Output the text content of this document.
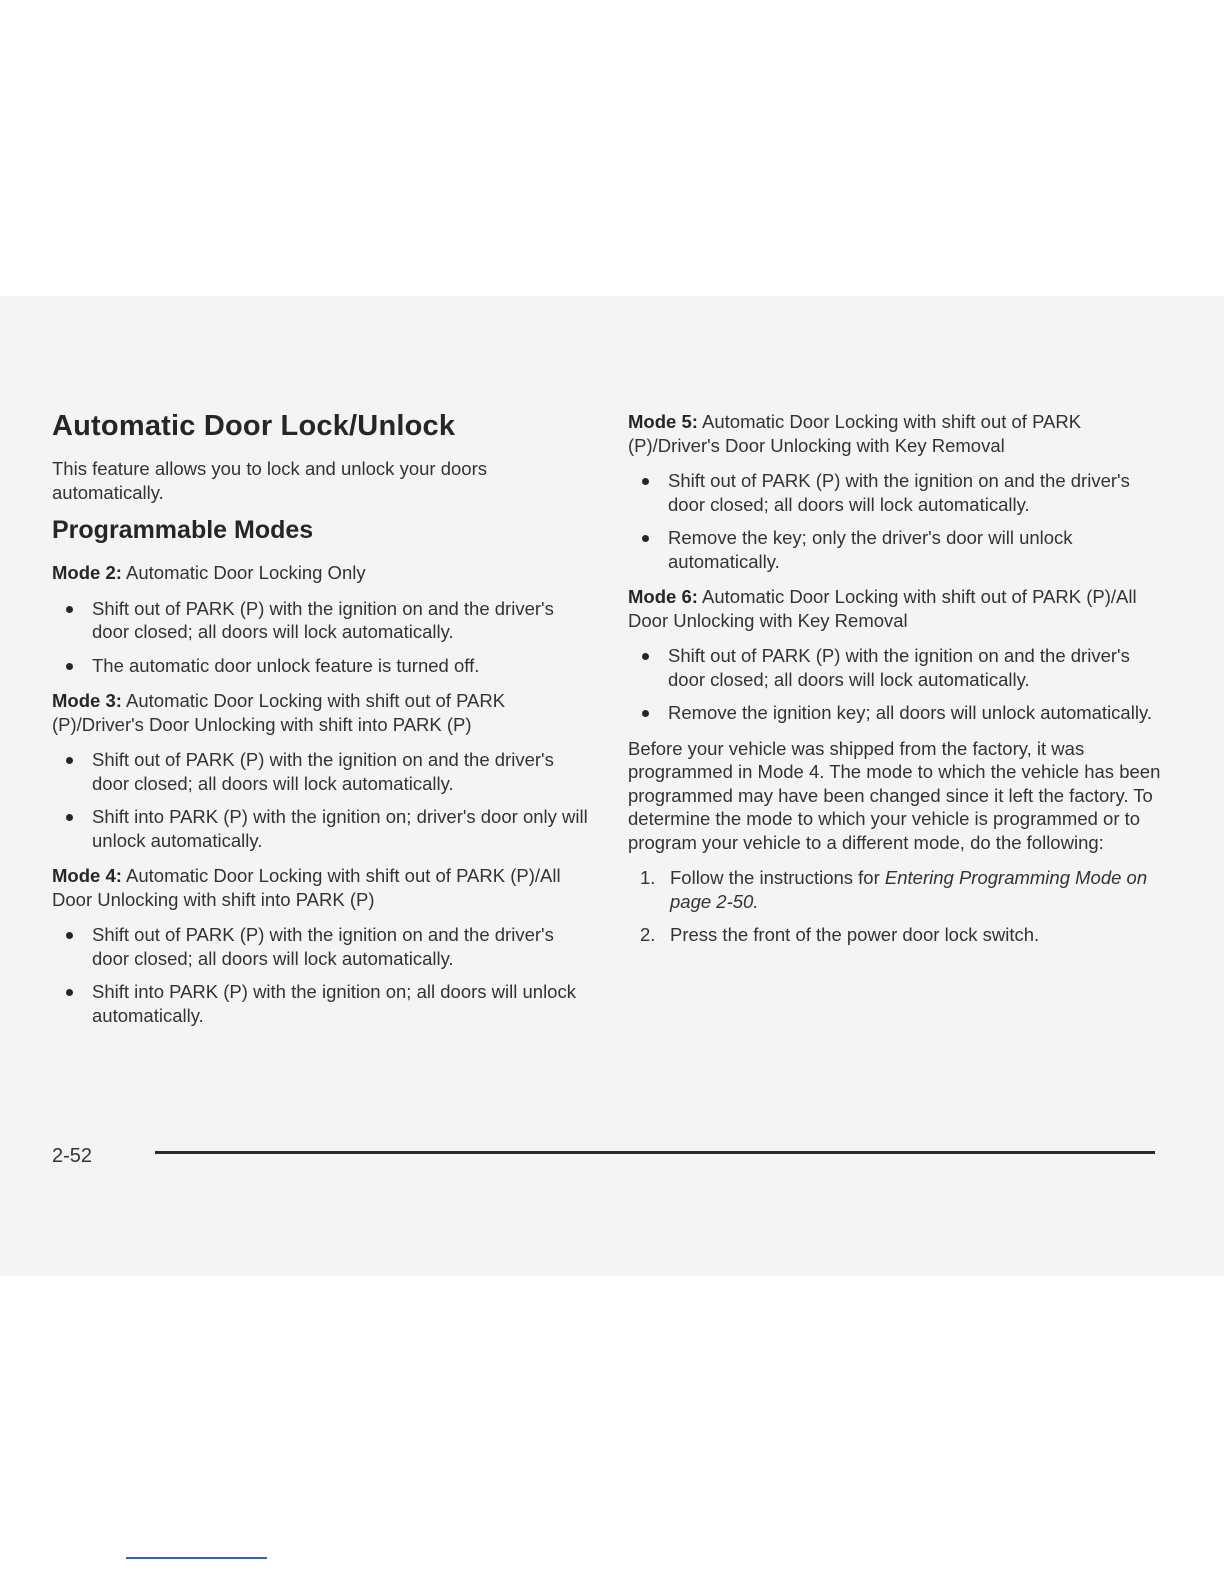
Automatic Door Lock/Unlock

This feature allows you to lock and unlock your doors automatically.

Programmable Modes

Mode 2: Automatic Door Locking Only

Shift out of PARK (P) with the ignition on and the driver's door closed; all doors will lock automatically.
The automatic door unlock feature is turned off.

Mode 3: Automatic Door Locking with shift out of PARK (P)/Driver's Door Unlocking with shift into PARK (P)

Shift out of PARK (P) with the ignition on and the driver's door closed; all doors will lock automatically.
Shift into PARK (P) with the ignition on; driver's door only will unlock automatically.

Mode 4: Automatic Door Locking with shift out of PARK (P)/All Door Unlocking with shift into PARK (P)

Shift out of PARK (P) with the ignition on and the driver's door closed; all doors will lock automatically.
Shift into PARK (P) with the ignition on; all doors will unlock automatically.

Mode 5: Automatic Door Locking with shift out of PARK (P)/Driver's Door Unlocking with Key Removal

Shift out of PARK (P) with the ignition on and the driver's door closed; all doors will lock automatically.
Remove the key; only the driver's door will unlock automatically.

Mode 6: Automatic Door Locking with shift out of PARK (P)/All Door Unlocking with Key Removal

Shift out of PARK (P) with the ignition on and the driver's door closed; all doors will lock automatically.
Remove the ignition key; all doors will unlock automatically.

Before your vehicle was shipped from the factory, it was programmed in Mode 4. The mode to which the vehicle has been programmed may have been changed since it left the factory. To determine the mode to which your vehicle is programmed or to program your vehicle to a different mode, do the following:

1. Follow the instructions for Entering Programming Mode on page 2-50.
2. Press the front of the power door lock switch.
2-52
